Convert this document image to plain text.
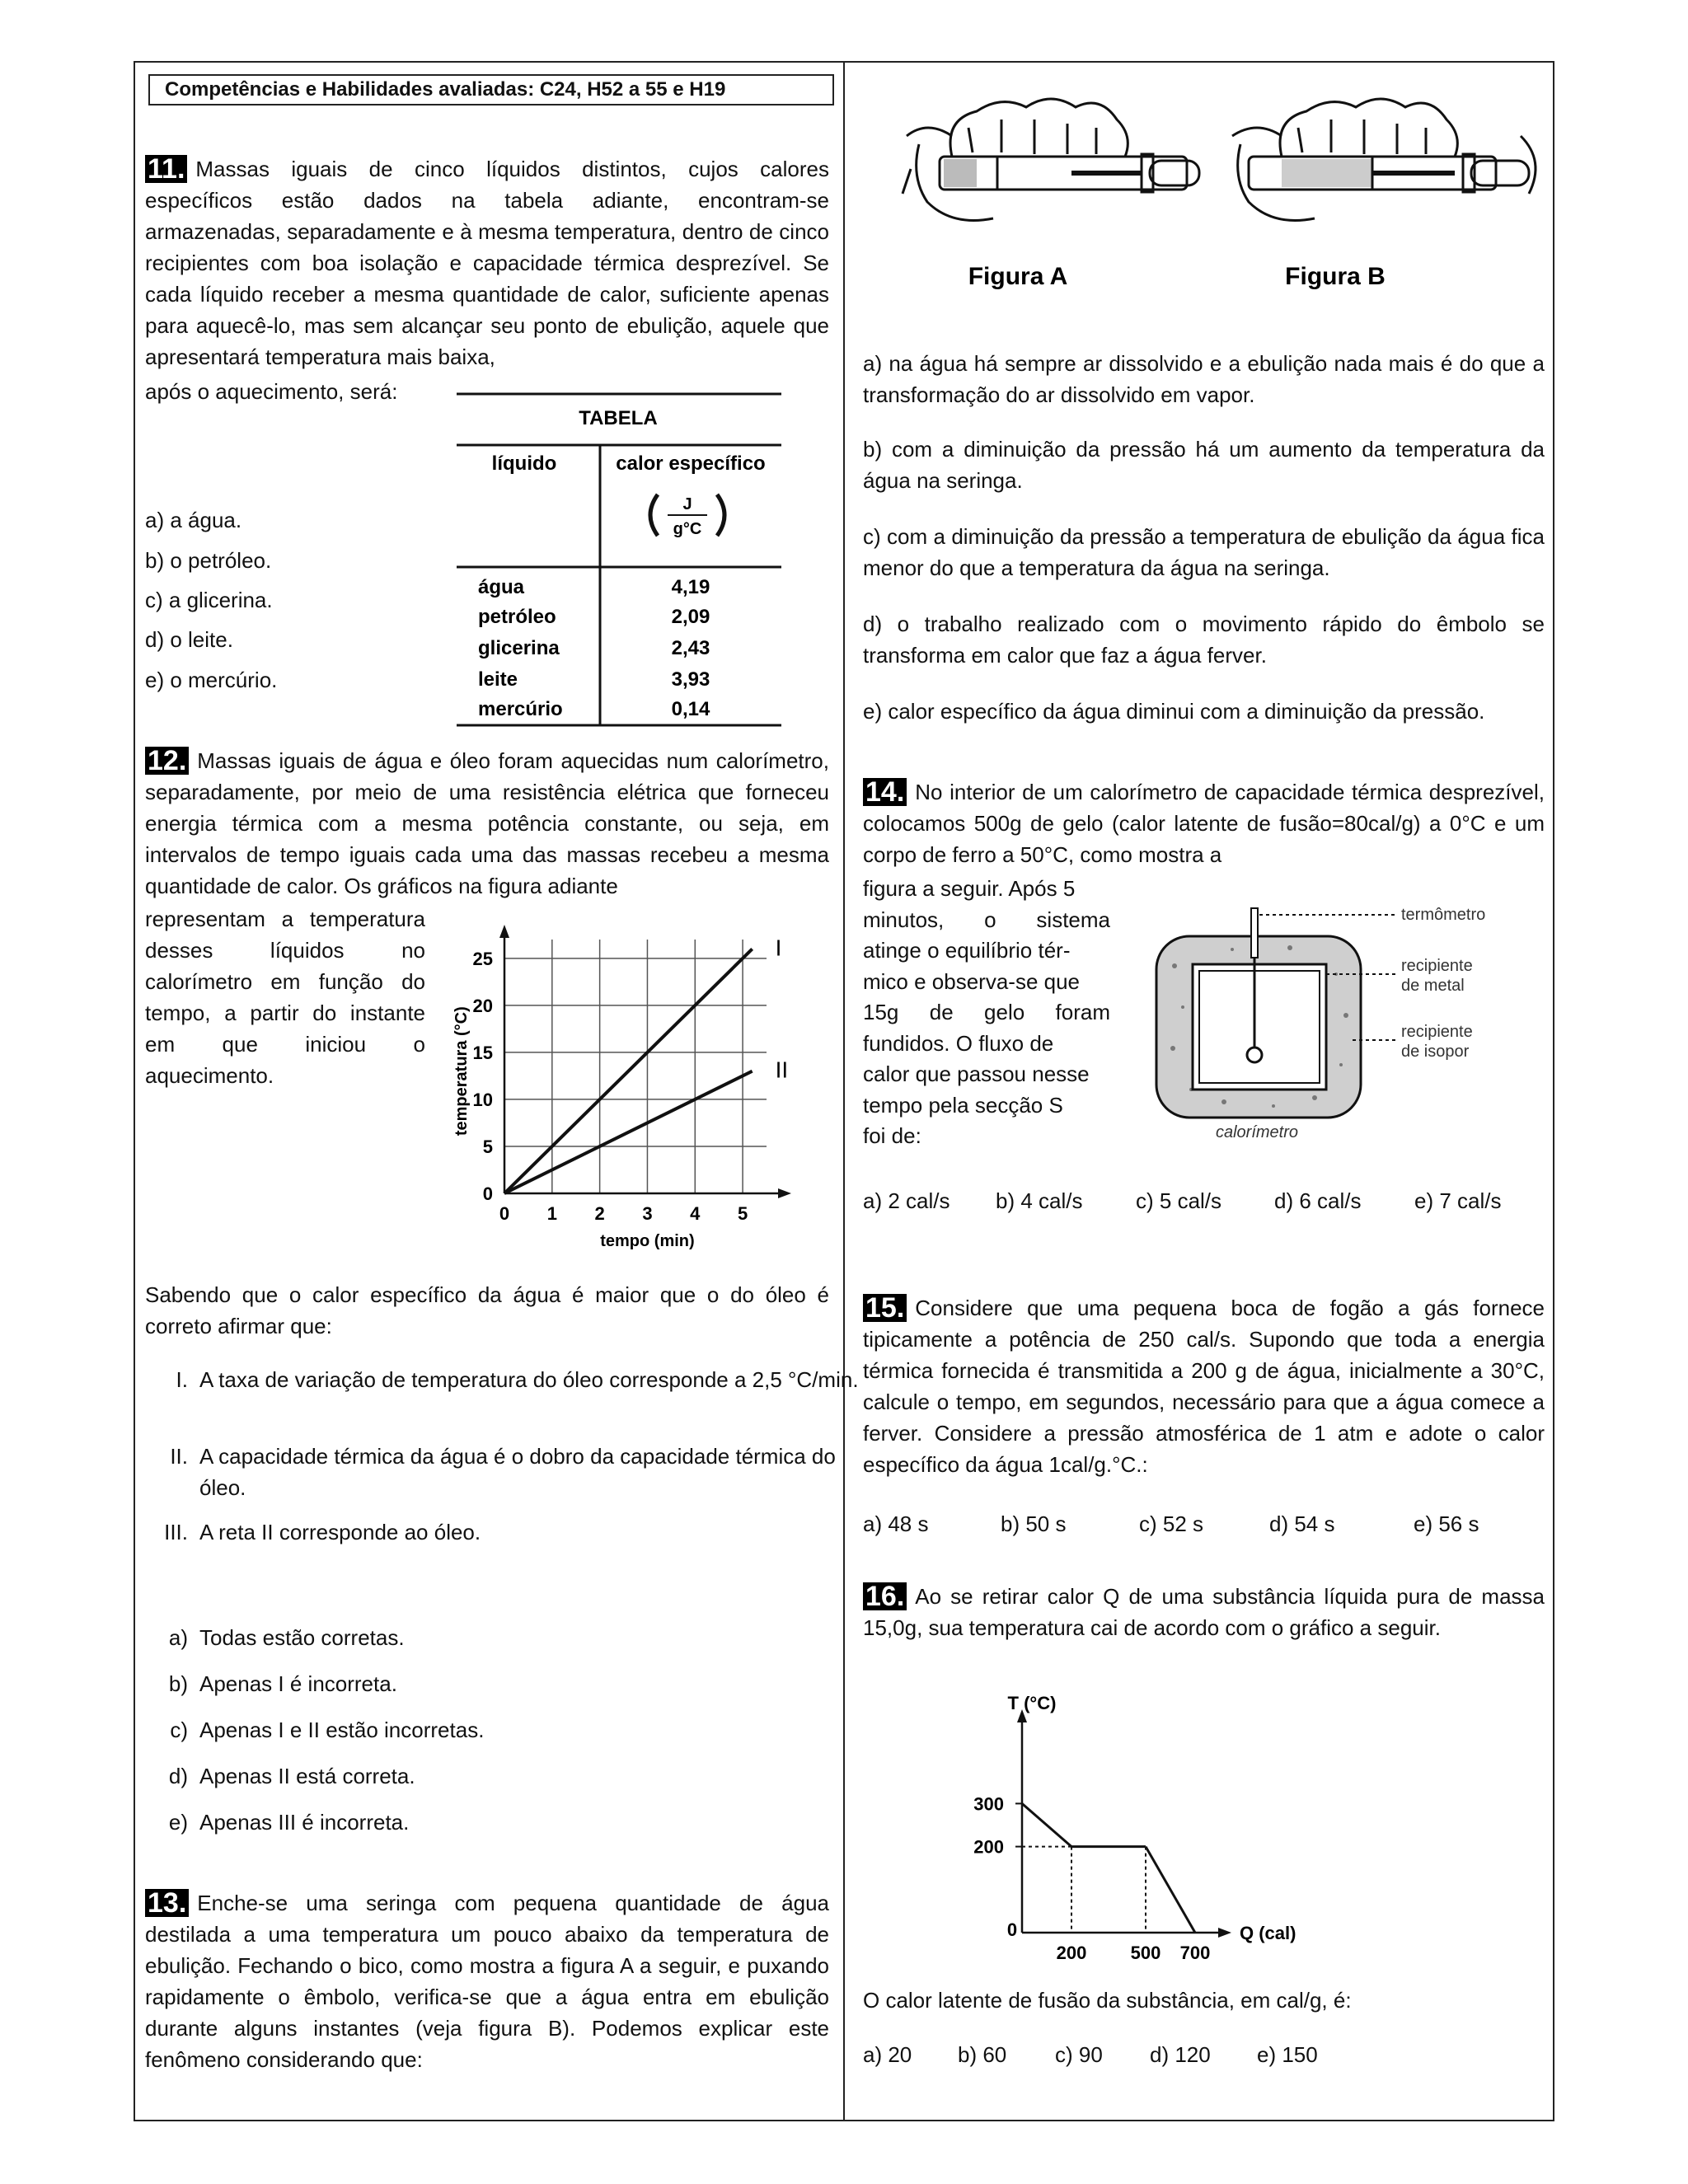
Competências e Habilidades avaliadas: C24, H52 a 55 e H19

11. Massas iguais de cinco líquidos distintos, cujos calores específicos estão dados na tabela adiante, encontram-se armazenadas, separadamente e à mesma temperatura, dentro de cinco recipientes com boa isolação e capacidade térmica desprezível. Se cada líquido receber a mesma quantidade de calor, suficiente apenas para aquecê-lo, mas sem alcançar seu ponto de ebulição, aquele que apresentará temperatura mais baixa,

após o aquecimento, será:

a) a água.

b) o petróleo.

c) a glicerina.

d) o leite.

e) o mercúrio.

TABELA
líquido	calor específico
J
g°C
água	4,19
petróleo	2,09
glicerina	2,43
leite	3,93
mercúrio	0,14

12. Massas iguais de água e óleo foram aquecidas num calorímetro, separadamente, por meio de uma resistência elétrica que forneceu energia térmica com a mesma potência constante, ou seja, em intervalos de tempo iguais cada uma das massas recebeu a mesma quantidade de calor. Os gráficos na figura adiante

representam a temperatura desses líquidos no calorímetro em função do tempo, a partir do instante em que iniciou o aquecimento.

0 1 2 3 4 5
0
5
10
15
20
25
tempo (min)
temperatura (°C)
I
II

Sabendo que o calor específico da água é maior que o do óleo é correto afirmar que:

I. A taxa de variação de temperatura do óleo corresponde a 2,5 °C/min.

II. A capacidade térmica da água é o dobro da capacidade térmica do óleo.

III. A reta II corresponde ao óleo.

a) Todas estão corretas.

b) Apenas I é incorreta.

c) Apenas I e II estão incorretas.

d) Apenas II está correta.

e) Apenas III é incorreta.

13. Enche-se uma seringa com pequena quantidade de água destilada a uma temperatura um pouco abaixo da temperatura de ebulição. Fechando o bico, como mostra a figura A a seguir, e puxando rapidamente o êmbolo, verifica-se que a água entra em ebulição durante alguns instantes (veja figura B). Podemos explicar este fenômeno considerando que:

Figura A	Figura B

a) na água há sempre ar dissolvido e a ebulição nada mais é do que a transformação do ar dissolvido em vapor.

b) com a diminuição da pressão há um aumento da temperatura da água na seringa.

c) com a diminuição da pressão a temperatura de ebulição da água fica menor do que a temperatura da água na seringa.

d) o trabalho realizado com o movimento rápido do êmbolo se transforma em calor que faz a água ferver.

e) calor específico da água diminui com a diminuição da pressão.

14. No interior de um calorímetro de capacidade térmica desprezível, colocamos 500g de gelo (calor latente de fusão=80cal/g) a 0°C e um corpo de ferro a 50°C, como mostra a

figura a seguir. Após 5
minutos, o sistema
atinge o equilíbrio tér-
mico e observa-se que
15g de gelo foram
fundidos. O fluxo de
calor que passou nesse
tempo pela secção S
foi de:
termômetro
recipiente
de metal
recipiente
de isopor
calorímetro

a) 2 cal/s b) 4 cal/s c) 5 cal/s d) 6 cal/s e) 7 cal/s

15. Considere que uma pequena boca de fogão a gás fornece tipicamente a potência de 250 cal/s. Supondo que toda a energia térmica fornecida é transmitida a 200 g de água, inicialmente a 30°C, calcule o tempo, em segundos, necessário para que a água comece a ferver. Considere a pressão atmosférica de 1 atm e adote o calor específico da água 1cal/g.°C.:

a) 48 s	b) 50 s	c) 52 s	d) 54 s	e) 56 s

16. Ao se retirar calor Q de uma substância líquida pura de massa 15,0g, sua temperatura cai de acordo com o gráfico a seguir.

T (°C)
Q (cal)
200
300
0
200 500 700

O calor latente de fusão da substância, em cal/g, é:

a) 20 b) 60 c) 90 d) 120 e) 150
